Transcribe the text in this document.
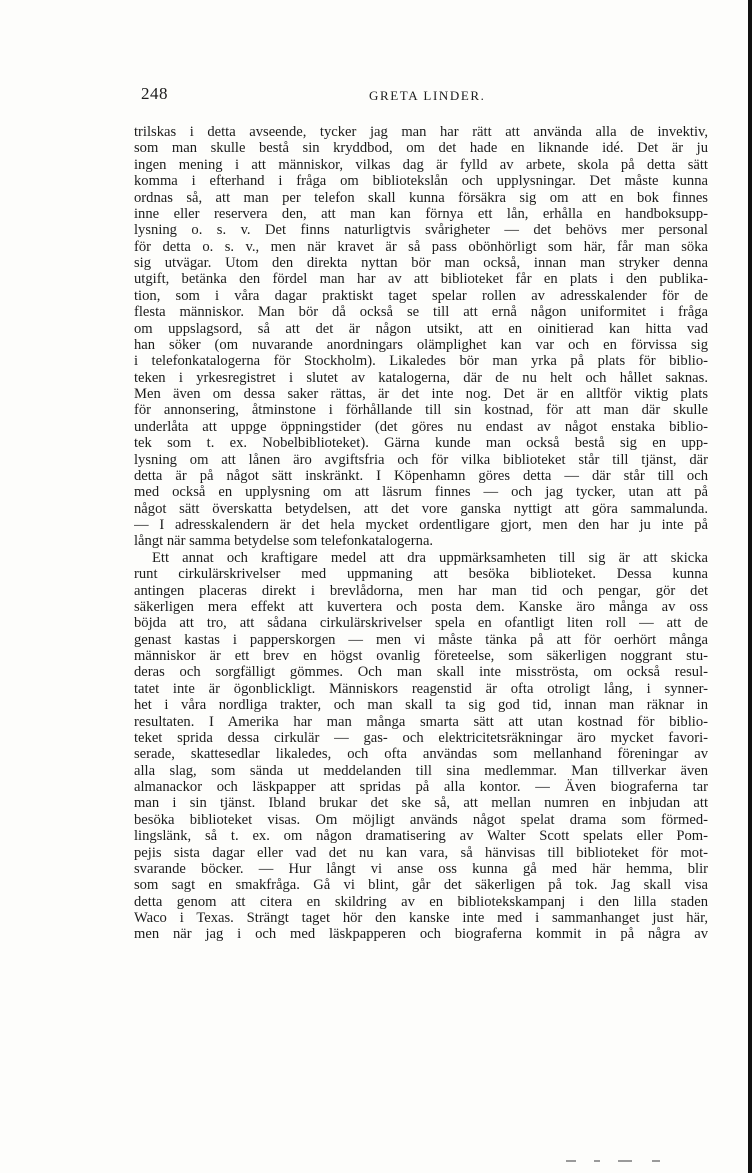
248	GRETA LINDER.
trilskas i detta avseende, tycker jag man har rätt att använda alla de invektiv,
som man skulle bestå sin kryddbod, om det hade en liknande idé. Det är ju
ingen mening i att människor, vilkas dag är fylld av arbete, skola på detta sätt
komma i efterhand i fråga om bibliotekslån och upplysningar. Det måste kunna
ordnas så, att man per telefon skall kunna försäkra sig om att en bok finnes
inne eller reservera den, att man kan förnya ett lån, erhålla en handboksupp-
lysning o. s. v. Det finns naturligtvis svårigheter — det behövs mer personal
för detta o. s. v., men när kravet är så pass obönhörligt som här, får man söka
sig utvägar. Utom den direkta nyttan bör man också, innan man stryker denna
utgift, betänka den fördel man har av att biblioteket får en plats i den publika-
tion, som i våra dagar praktiskt taget spelar rollen av adresskalender för de
flesta människor. Man bör då också se till att ernå någon uniformitet i fråga
om uppslagsord, så att det är någon utsikt, att en oinitierad kan hitta vad
han söker (om nuvarande anordningars olämplighet kan var och en förvissa sig
i telefonkatalogerna för Stockholm). Likaledes bör man yrka på plats för biblio-
teken i yrkesregistret i slutet av katalogerna, där de nu helt och hållet saknas.
Men även om dessa saker rättas, är det inte nog. Det är en alltför viktig plats
för annonsering, åtminstone i förhållande till sin kostnad, för att man där skulle
underlåta att uppge öppningstider (det göres nu endast av något enstaka biblio-
tek som t. ex. Nobelbiblioteket). Gärna kunde man också bestå sig en upp-
lysning om att lånen äro avgiftsfria och för vilka biblioteket står till tjänst, där
detta är på något sätt inskränkt. I Köpenhamn göres detta — där står till och
med också en upplysning om att läsrum finnes — och jag tycker, utan att på
något sätt överskatta betydelsen, att det vore ganska nyttigt att göra sammalunda.
— I adresskalendern är det hela mycket ordentligare gjort, men den har ju inte på
långt när samma betydelse som telefonkatalogerna.
Ett annat och kraftigare medel att dra uppmärksamheten till sig är att skicka
runt cirkulärskrivelser med uppmaning att besöka biblioteket. Dessa kunna
antingen placeras direkt i brevlådorna, men har man tid och pengar, gör det
säkerligen mera effekt att kuvertera och posta dem. Kanske äro många av oss
böjda att tro, att sådana cirkulärskrivelser spela en ofantligt liten roll — att de
genast kastas i papperskorgen — men vi måste tänka på att för oerhört många
människor är ett brev en högst ovanlig företeelse, som säkerligen noggrant stu-
deras och sorgfälligt gömmes. Och man skall inte misströsta, om också resul-
tatet inte är ögonblickligt. Människors reagenstid är ofta otroligt lång, i synner-
het i våra nordliga trakter, och man skall ta sig god tid, innan man räknar in
resultaten. I Amerika har man många smarta sätt att utan kostnad för biblio-
teket sprida dessa cirkulär — gas- och elektricitetsräkningar äro mycket favori-
serade, skattesedlar likaledes, och ofta användas som mellanhand föreningar av
alla slag, som sända ut meddelanden till sina medlemmar. Man tillverkar även
almanackor och läskpapper att spridas på alla kontor. — Även biograferna tar
man i sin tjänst. Ibland brukar det ske så, att mellan numren en inbjudan att
besöka biblioteket visas. Om möjligt används något spelat drama som förmed-
lingslänk, så t. ex. om någon dramatisering av Walter Scott spelats eller Pom-
pejis sista dagar eller vad det nu kan vara, så hänvisas till biblioteket för mot-
svarande böcker. — Hur långt vi anse oss kunna gå med här hemma, blir
som sagt en smakfråga. Gå vi blint, går det säkerligen på tok. Jag skall visa
detta genom att citera en skildring av en bibliotekskampanj i den lilla staden
Waco i Texas. Strängt taget hör den kanske inte med i sammanhanget just här,
men när jag i och med läskpapperen och biograferna kommit in på några av
